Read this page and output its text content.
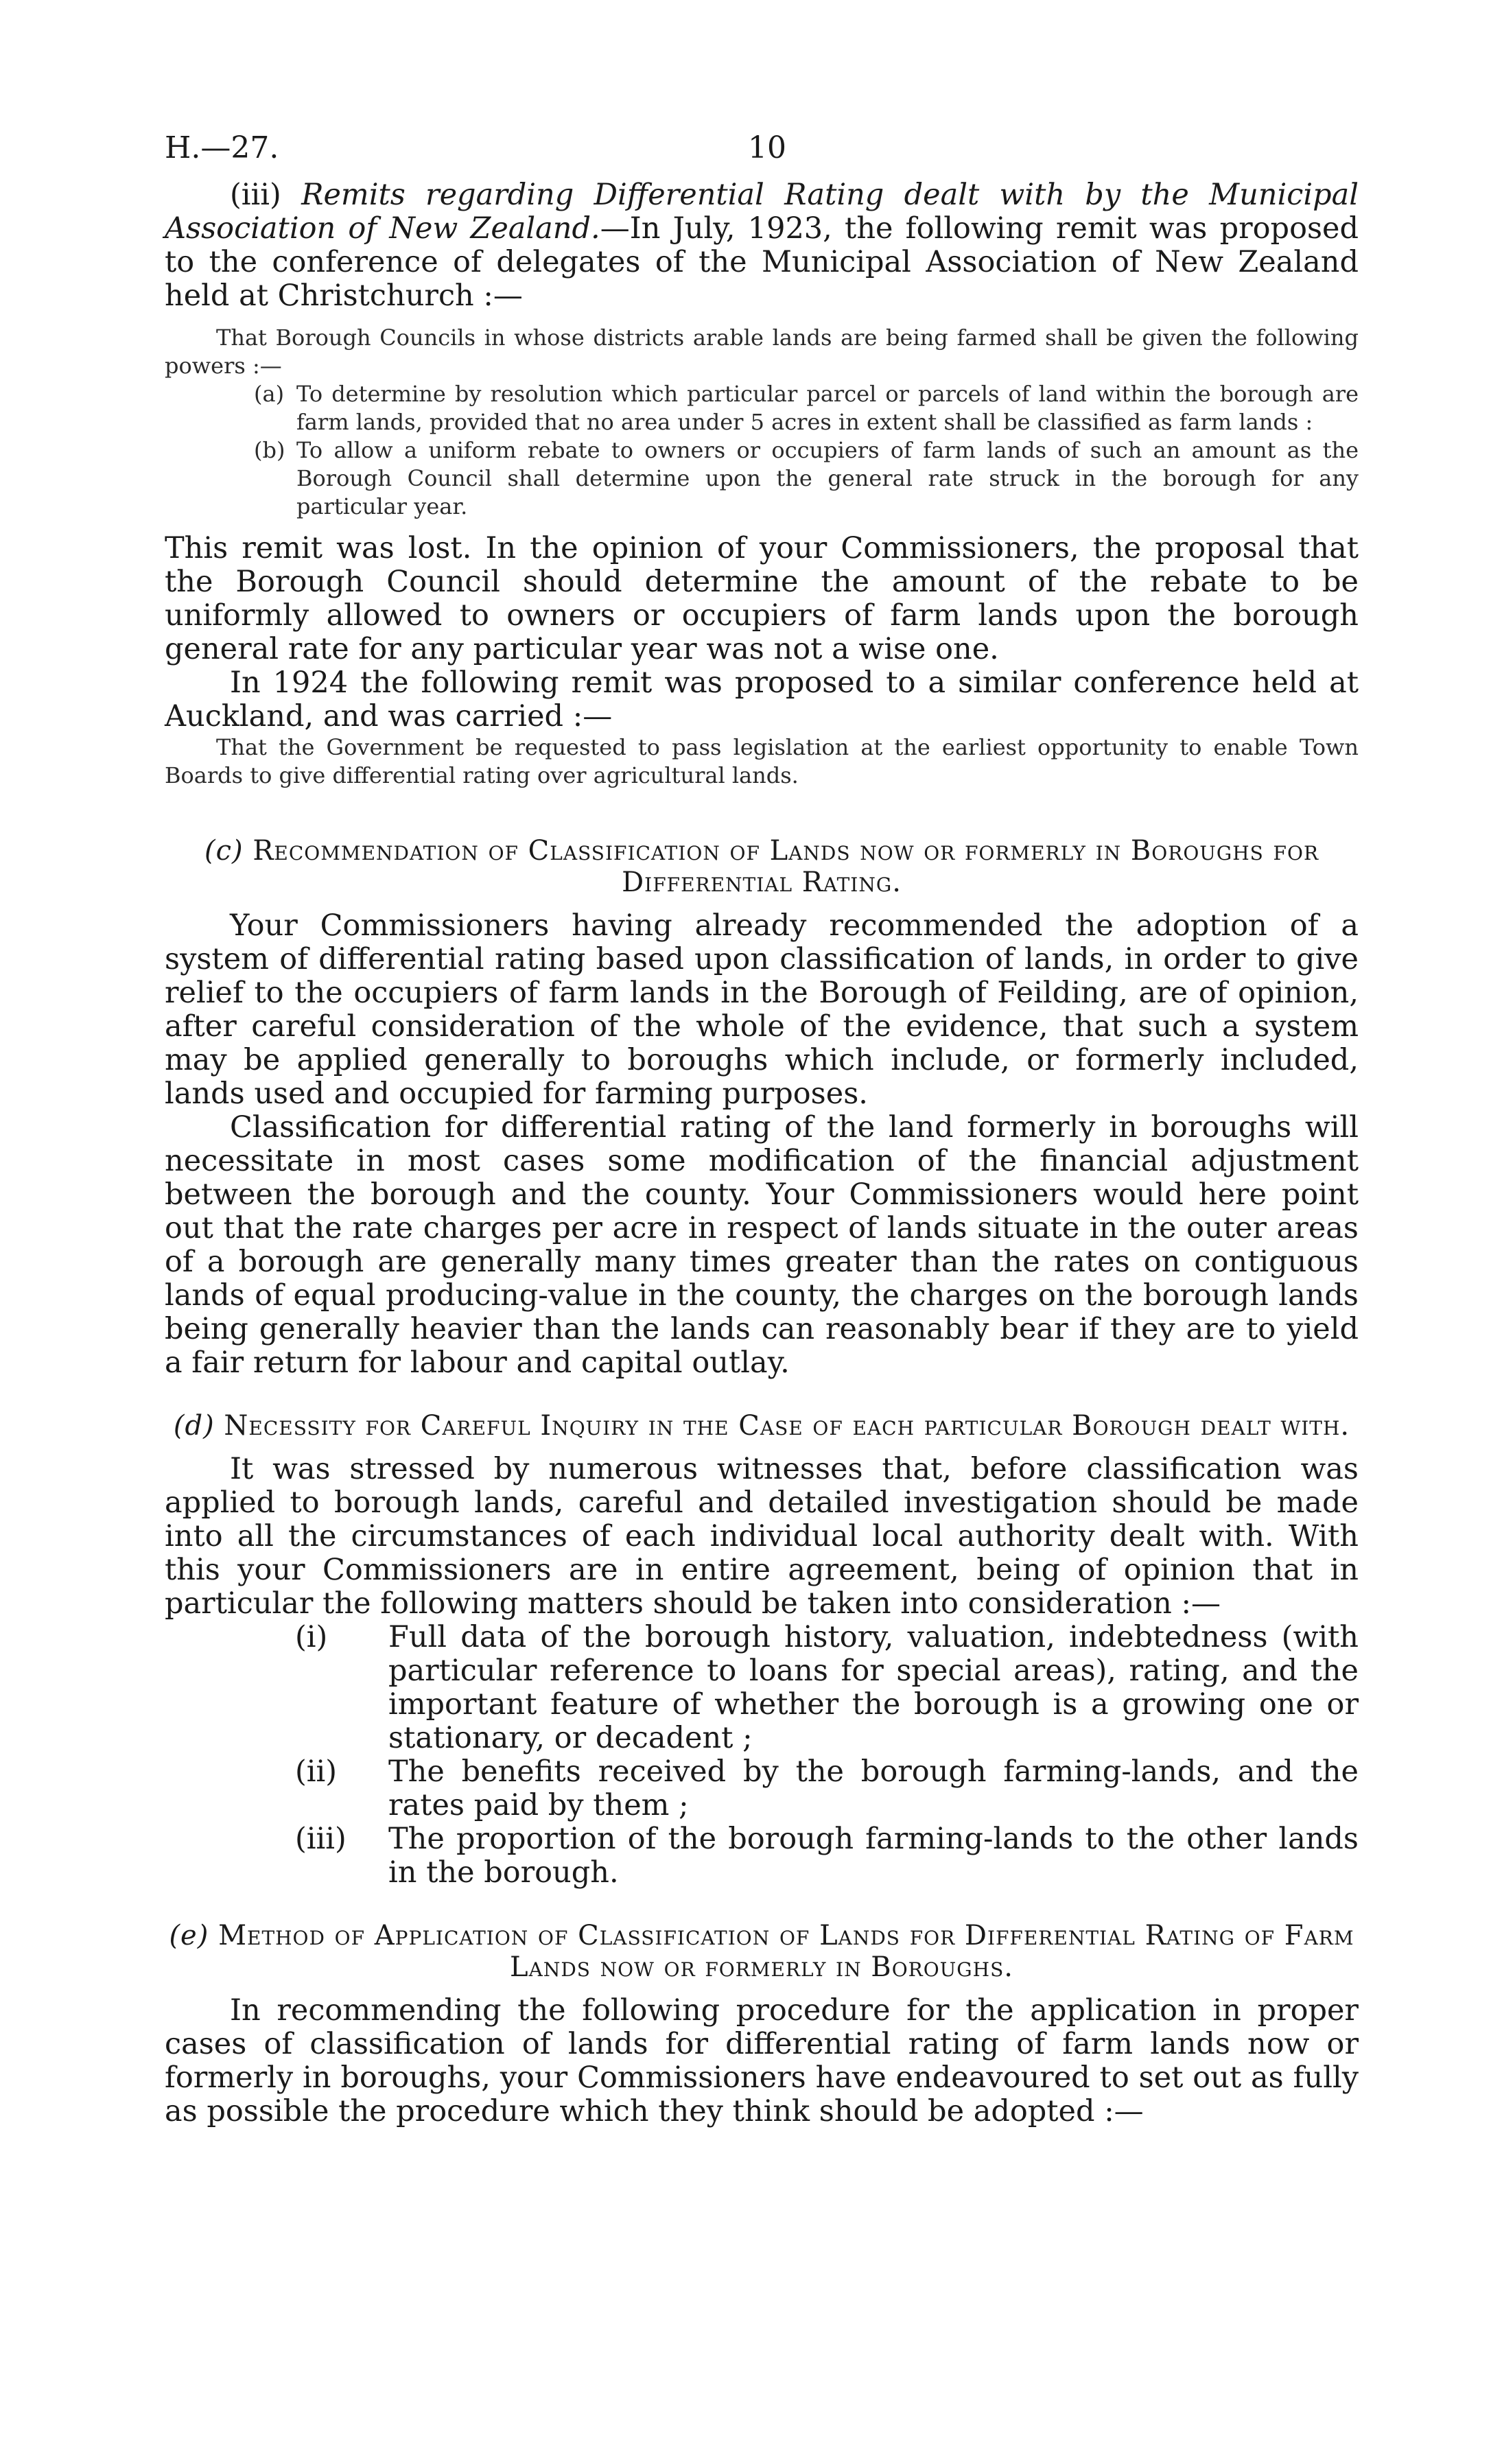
H.—27.	10

(iii) Remits regarding Differential Rating dealt with by the Municipal Association of New Zealand.—In July, 1923, the following remit was proposed to the conference of delegates of the Municipal Association of New Zealand held at Christchurch :—

That Borough Councils in whose districts arable lands are being farmed shall be given the following powers :—

(a) To determine by resolution which particular parcel or parcels of land within the borough are farm lands, provided that no area under 5 acres in extent shall be classified as farm lands :
(b) To allow a uniform rebate to owners or occupiers of farm lands of such an amount as the Borough Council shall determine upon the general rate struck in the borough for any particular year.

This remit was lost. In the opinion of your Commissioners, the proposal that the Borough Council should determine the amount of the rebate to be uniformly allowed to owners or occupiers of farm lands upon the borough general rate for any particular year was not a wise one.

In 1924 the following remit was proposed to a similar conference held at Auckland, and was carried :—

That the Government be requested to pass legislation at the earliest opportunity to enable Town Boards to give differential rating over agricultural lands.

(c) Recommendation of Classification of Lands now or formerly in Boroughs for Differential Rating.

Your Commissioners having already recommended the adoption of a system of differential rating based upon classification of lands, in order to give relief to the occupiers of farm lands in the Borough of Feilding, are of opinion, after careful consideration of the whole of the evidence, that such a system may be applied generally to boroughs which include, or formerly included, lands used and occupied for farming purposes.

Classification for differential rating of the land formerly in boroughs will necessitate in most cases some modification of the financial adjustment between the borough and the county. Your Commissioners would here point out that the rate charges per acre in respect of lands situate in the outer areas of a borough are generally many times greater than the rates on contiguous lands of equal producing-value in the county, the charges on the borough lands being generally heavier than the lands can reasonably bear if they are to yield a fair return for labour and capital outlay.

(d) Necessity for Careful Inquiry in the Case of each particular Borough dealt with.

It was stressed by numerous witnesses that, before classification was applied to borough lands, careful and detailed investigation should be made into all the circumstances of each individual local authority dealt with. With this your Commissioners are in entire agreement, being of opinion that in particular the following matters should be taken into consideration :—

(i) Full data of the borough history, valuation, indebtedness (with particular reference to loans for special areas), rating, and the important feature of whether the borough is a growing one or stationary, or decadent ;
(ii) The benefits received by the borough farming-lands, and the rates paid by them ;
(iii) The proportion of the borough farming-lands to the other lands in the borough.

(e) Method of Application of Classification of Lands for Differential Rating of Farm Lands now or formerly in Boroughs.

In recommending the following procedure for the application in proper cases of classification of lands for differential rating of farm lands now or formerly in boroughs, your Commissioners have endeavoured to set out as fully as possible the procedure which they think should be adopted :—
